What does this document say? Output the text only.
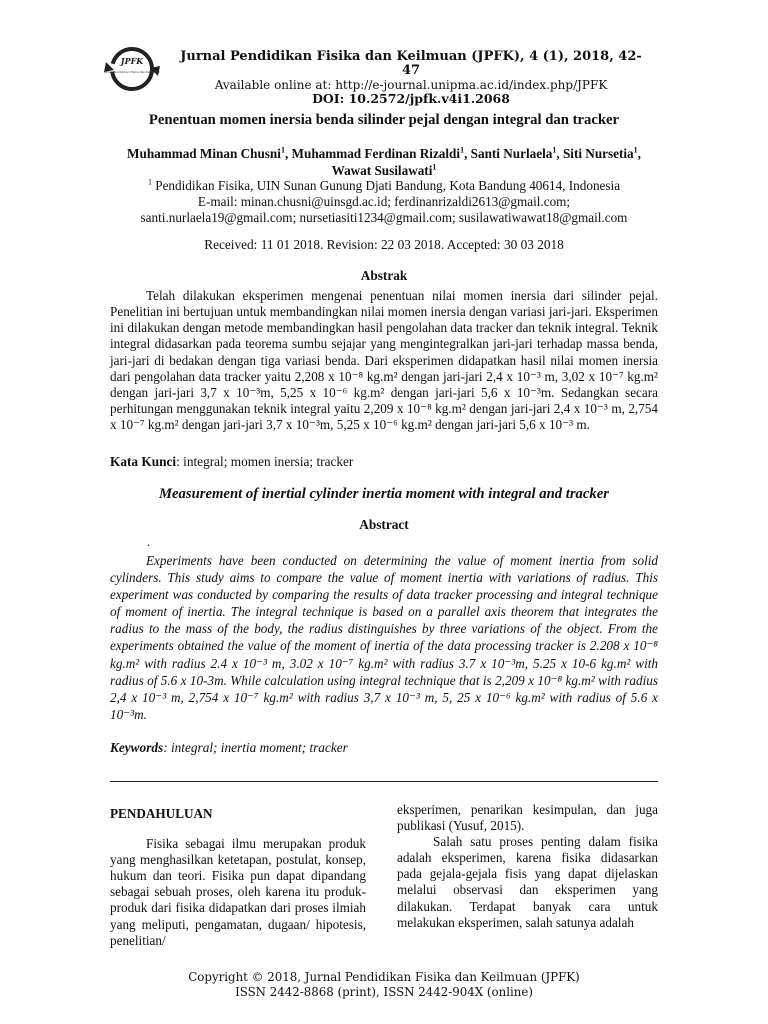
JPFK
Jurnal Pendidikan Fisika dan Keilmuan
Jurnal Pendidikan Fisika dan Keilmuan (JPFK), 4 (1), 2018, 42-47
Available online at: http://e-journal.unipma.ac.id/index.php/JPFK
DOI: 10.2572/jpfk.v4i1.2068
Penentuan momen inersia benda silinder pejal dengan integral dan tracker
Muhammad Minan Chusni$^1$, Muhammad Ferdinan Rizaldi$^1$, Santi Nurlaela$^1$, Siti Nursetia$^1$, Wawat Susilawati$^1$
$^1$ Pendidikan Fisika, UIN Sunan Gunung Djati Bandung, Kota Bandung 40614, Indonesia
E-mail: minan.chusni@uinsgd.ac.id; ferdinanrizaldi2613@gmail.com;
santi.nurlaela19@gmail.com; nursetiasiti1234@gmail.com; susilawatiwawat18@gmail.com
Received: 11 01 2018. Revision: 22 03 2018. Accepted: 30 03 2018
Abstrak

Telah dilakukan eksperimen mengenai penentuan nilai momen inersia dari silinder pejal. Penelitian ini bertujuan untuk membandingkan nilai momen inersia dengan variasi jari-jari. Eksperimen ini dilakukan dengan metode membandingkan hasil pengolahan data tracker dan teknik integral. Teknik integral didasarkan pada teorema sumbu sejajar yang mengintegralkan jari-jari terhadap massa benda, jari-jari di bedakan dengan tiga variasi benda. Dari eksperimen didapatkan hasil nilai momen inersia dari pengolahan data tracker yaitu 2,208 x 10⁻⁸ kg.m² dengan jari-jari 2,4 x 10⁻³ m, 3,02 x 10⁻⁷ kg.m² dengan jari-jari 3,7 x 10⁻³m, 5,25 x 10⁻⁶ kg.m² dengan jari-jari 5,6 x 10⁻³m. Sedangkan secara perhitungan menggunakan teknik integral yaitu 2,209 x 10⁻⁸ kg.m² dengan jari-jari 2,4 x 10⁻³ m, 2,754 x 10⁻⁷ kg.m² dengan jari-jari 3,7 x 10⁻³m, 5,25 x 10⁻⁶ kg.m² dengan jari-jari 5,6 x 10⁻³ m.

Kata Kunci: integral; momen inersia; tracker
Measurement of inertial cylinder inertia moment with integral and tracker
Abstract
.

Experiments have been conducted on determining the value of moment inertia from solid cylinders. This study aims to compare the value of moment inertia with variations of radius. This experiment was conducted by comparing the results of data tracker processing and integral technique of moment of inertia. The integral technique is based on a parallel axis theorem that integrates the radius to the mass of the body, the radius distinguishes by three variations of the object. From the experiments obtained the value of the moment of inertia of the data processing tracker is 2.208 x 10⁻⁸ kg.m² with radius 2.4 x 10⁻³ m, 3.02 x 10⁻⁷ kg.m² with radius 3.7 x 10⁻³m, 5.25 x 10-6 kg.m² with radius of 5.6 x 10-3m. While calculation using integral technique that is 2,209 x 10⁻⁸ kg.m² with radius 2,4 x 10⁻³ m, 2,754 x 10⁻⁷ kg.m² with radius 3,7 x 10⁻³ m, 5, 25 x 10⁻⁶ kg.m² with radius of 5.6 x 10⁻³m.

Keywords: integral; inertia moment; tracker

PENDAHULUAN

Fisika sebagai ilmu merupakan produk yang menghasilkan ketetapan, postulat, konsep, hukum dan teori. Fisika pun dapat dipandang sebagai sebuah proses, oleh karena itu produk-produk dari fisika didapatkan dari proses ilmiah yang meliputi, pengamatan, dugaan/ hipotesis, penelitian/

eksperimen, penarikan kesimpulan, dan juga publikasi (Yusuf, 2015).

Salah satu proses penting dalam fisika adalah eksperimen, karena fisika didasarkan pada gejala-gejala fisis yang dapat dijelaskan melalui observasi dan eksperimen yang dilakukan. Terdapat banyak cara untuk melakukan eksperimen, salah satunya adalah

Copyright © 2018, Jurnal Pendidikan Fisika dan Keilmuan (JPFK)
ISSN 2442-8868 (print), ISSN 2442-904X (online)
